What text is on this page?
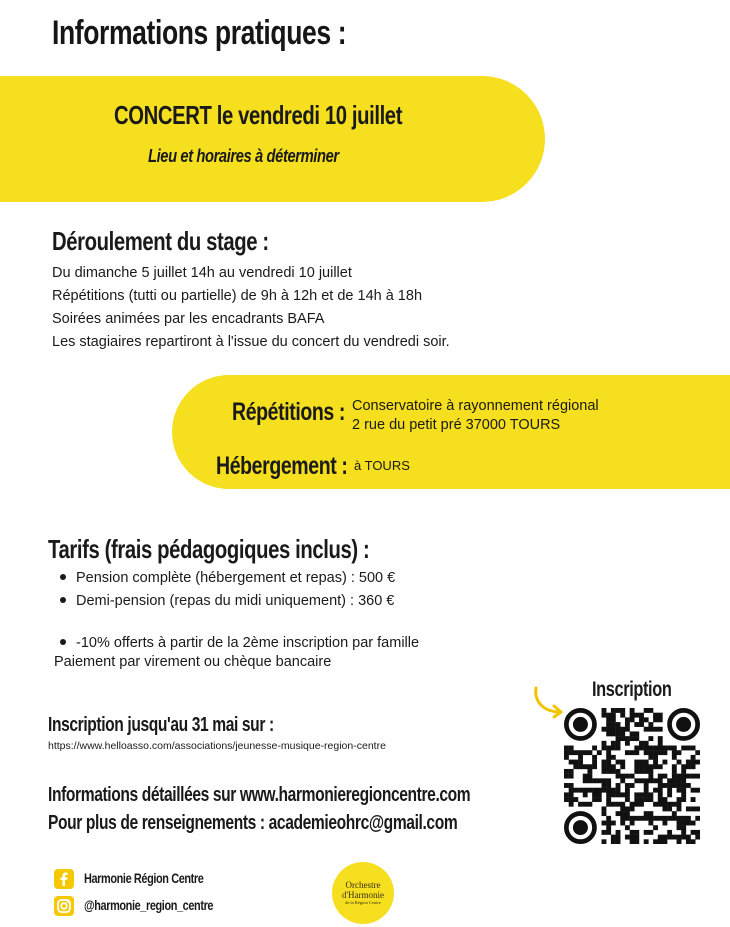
Informations pratiques :
CONCERT le vendredi 10 juillet
Lieu et horaires à déterminer
Déroulement du stage :
Du dimanche 5 juillet 14h au vendredi 10 juillet
Répétitions (tutti ou partielle) de 9h à 12h et de 14h à 18h
Soirées animées par les encadrants BAFA
Les stagiaires repartiront à l'issue du concert du vendredi soir.
Répétitions : Conservatoire à rayonnement régional
2 rue du petit pré 37000 TOURS
Hébergement : à TOURS
Tarifs (frais pédagogiques inclus) :
Pension complète (hébergement et repas) : 500 €
Demi-pension (repas du midi uniquement) : 360 €
-10% offerts à partir de la 2ème inscription par famille
Paiement par virement ou chèque bancaire
Inscription jusqu'au 31 mai sur :
https://www.helloasso.com/associations/jeunesse-musique-region-centre
Informations détaillées sur www.harmonieregioncentre.com
Pour plus de renseignements : academieohrc@gmail.com
Inscription
Harmonie Région Centre
@harmonie_region_centre
Orchestre
d'Harmonie
de la Région Centre
